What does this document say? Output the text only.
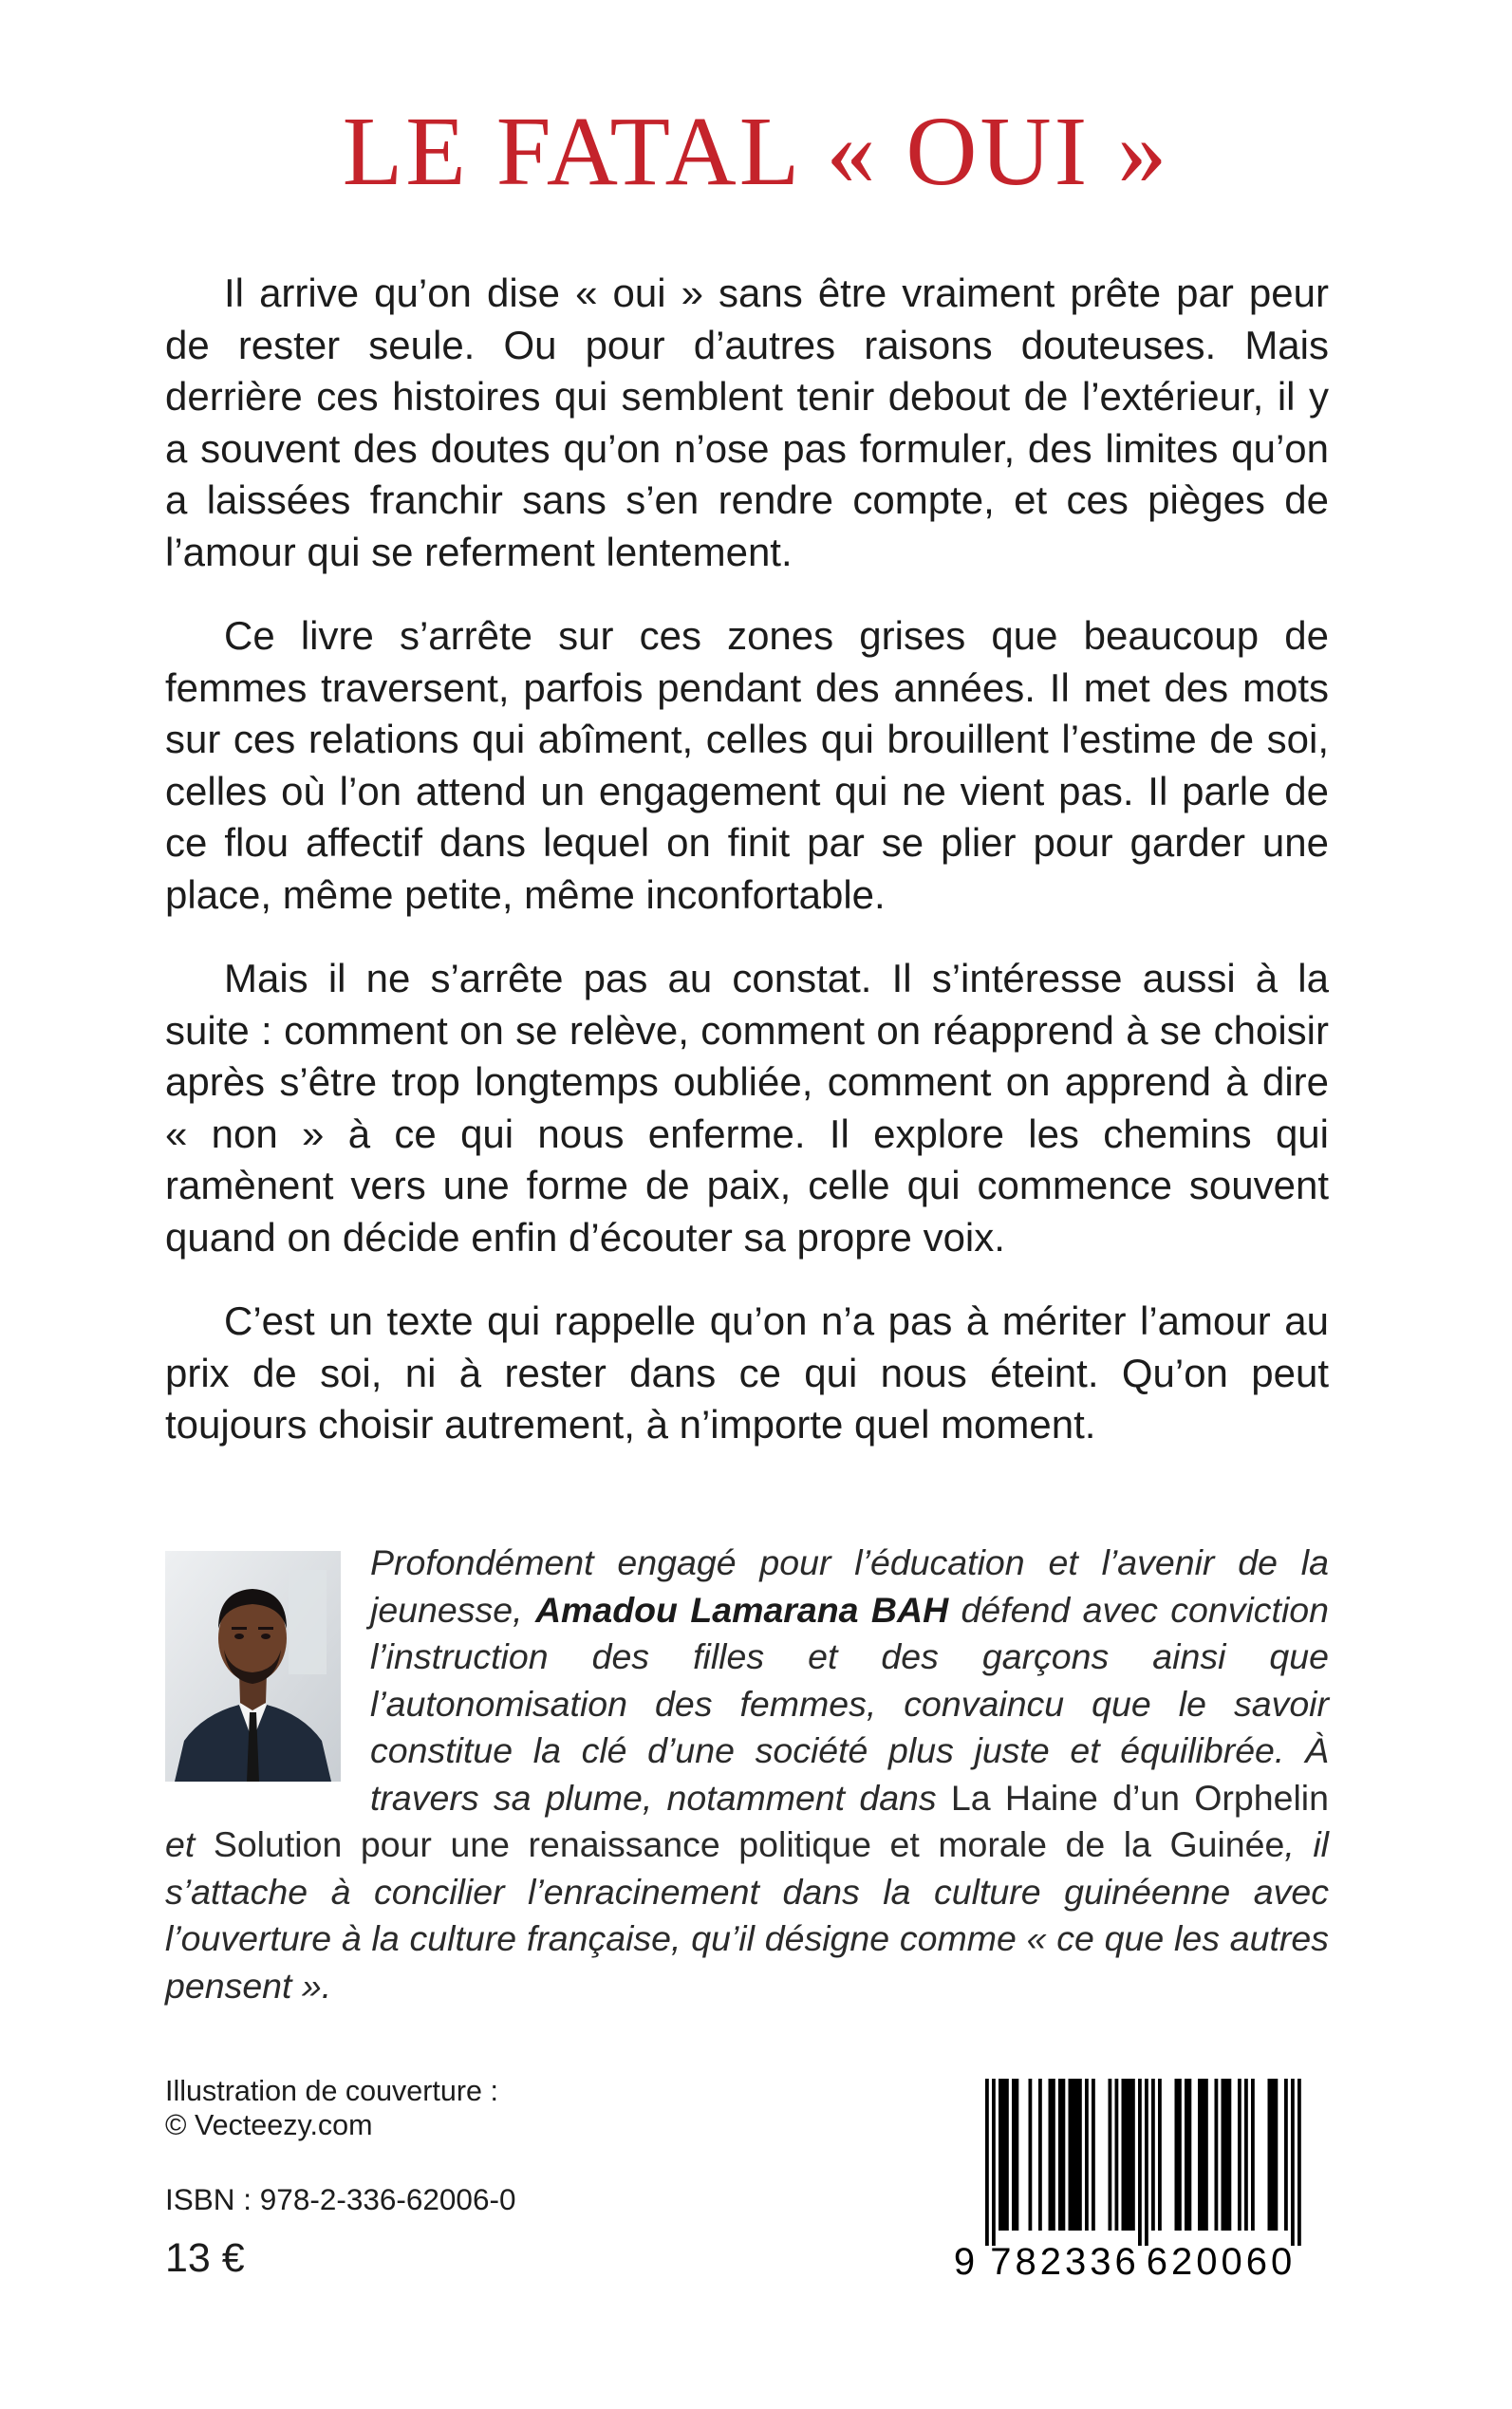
LE FATAL « OUI »

Il arrive qu’on dise « oui » sans être vraiment prête par peur de rester seule. Ou pour d’autres raisons douteuses. Mais derrière ces histoires qui semblent tenir debout de l’extérieur, il y a souvent des doutes qu’on n’ose pas formuler, des limites qu’on a laissées franchir sans s’en rendre compte, et ces pièges de l’amour qui se referment lentement.

Ce livre s’arrête sur ces zones grises que beaucoup de femmes traversent, parfois pendant des années. Il met des mots sur ces relations qui abîment, celles qui brouillent l’estime de soi, celles où l’on attend un engagement qui ne vient pas. Il parle de ce flou affectif dans lequel on finit par se plier pour garder une place, même petite, même inconfortable.

Mais il ne s’arrête pas au constat. Il s’intéresse aussi à la suite : comment on se relève, comment on réapprend à se choisir après s’être trop longtemps oubliée, comment on apprend à dire « non » à ce qui nous enferme. Il explore les chemins qui ramènent vers une forme de paix, celle qui commence souvent quand on décide enfin d’écouter sa propre voix.

C’est un texte qui rappelle qu’on n’a pas à mériter l’amour au prix de soi, ni à rester dans ce qui nous éteint. Qu’on peut toujours choisir autrement, à n’importe quel moment.

Profondément engagé pour l’éducation et l’avenir de la jeunesse, Amadou Lamarana BAH défend avec conviction l’instruction des filles et des garçons ainsi que l’autonomisation des femmes, convaincu que le savoir constitue la clé d’une société plus juste et équilibrée. À travers sa plume, notamment dans La Haine d’un Orphelin et Solution pour une renaissance politique et morale de la Guinée, il s’attache à concilier l’enracinement dans la culture guinéenne avec l’ouverture à la culture française, qu’il désigne comme « ce que les autres pensent ».

Illustration de couverture :
© Vecteezy.com

ISBN : 978-2-336-62006-0

13 €	9 782336 620060
